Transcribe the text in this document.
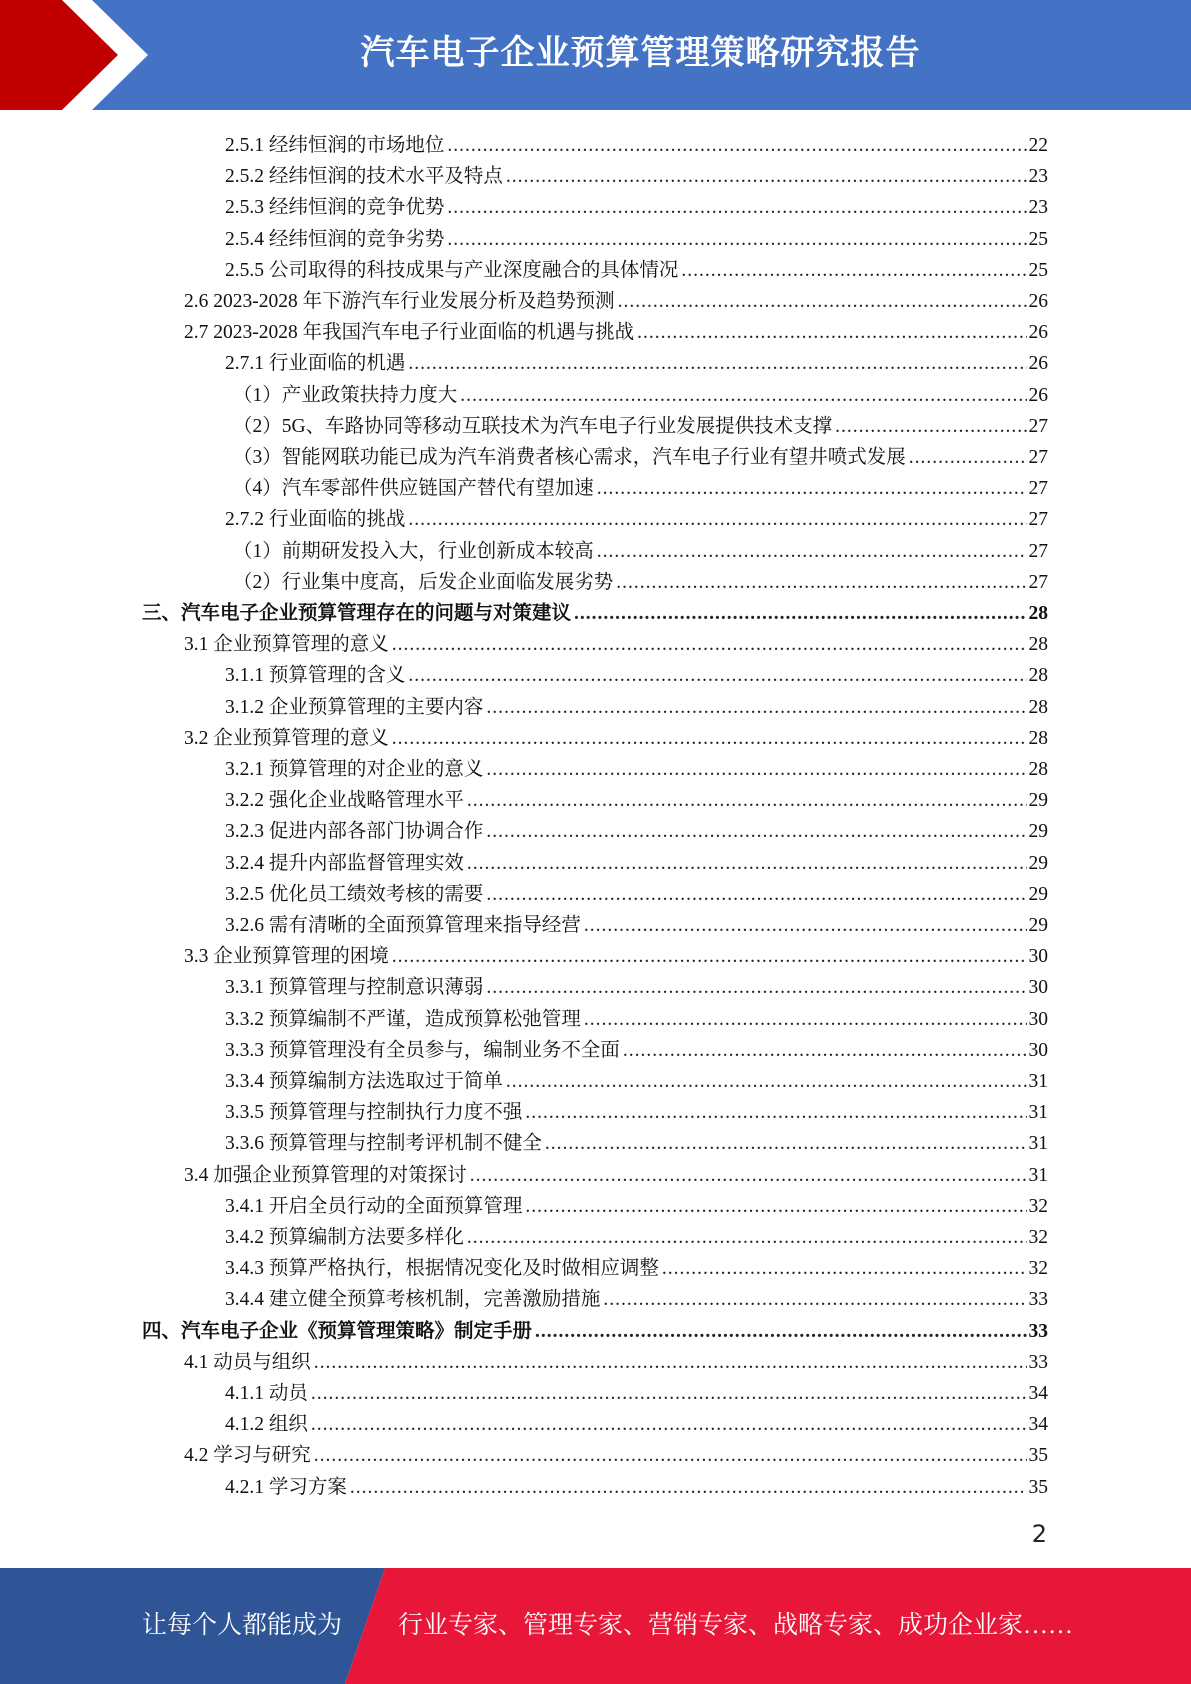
汽车电子企业预算管理策略研究报告
2.5.1 经纬恒润的市场地位 .....	22
2.5.2 经纬恒润的技术水平及特点 .....	23
2.5.3 经纬恒润的竞争优势 .....	23
2.5.4 经纬恒润的竞争劣势 .....	25
2.5.5 公司取得的科技成果与产业深度融合的具体情况 .....	25
2.6 2023-2028 年下游汽车行业发展分析及趋势预测 .....	26
2.7 2023-2028 年我国汽车电子行业面临的机遇与挑战 .....	26
2.7.1 行业面临的机遇 .....	26
（1）产业政策扶持力度大 .....	26
（2）5G、车路协同等移动互联技术为汽车电子行业发展提供技术支撑 .....	27
（3）智能网联功能已成为汽车消费者核心需求，汽车电子行业有望井喷式发展 .....	27
（4）汽车零部件供应链国产替代有望加速 .....	27
2.7.2 行业面临的挑战 .....	27
（1）前期研发投入大，行业创新成本较高 .....	27
（2）行业集中度高，后发企业面临发展劣势 .....	27
三、汽车电子企业预算管理存在的问题与对策建议 .....	28
3.1 企业预算管理的意义 .....	28
3.1.1 预算管理的含义 .....	28
3.1.2 企业预算管理的主要内容 .....	28
3.2 企业预算管理的意义 .....	28
3.2.1 预算管理的对企业的意义 .....	28
3.2.2 强化企业战略管理水平 .....	29
3.2.3 促进内部各部门协调合作 .....	29
3.2.4 提升内部监督管理实效 .....	29
3.2.5 优化员工绩效考核的需要 .....	29
3.2.6 需有清晰的全面预算管理来指导经营 .....	29
3.3 企业预算管理的困境 .....	30
3.3.1 预算管理与控制意识薄弱 .....	30
3.3.2 预算编制不严谨，造成预算松弛管理 .....	30
3.3.3 预算管理没有全员参与，编制业务不全面 .....	30
3.3.4 预算编制方法选取过于简单 .....	31
3.3.5 预算管理与控制执行力度不强 .....	31
3.3.6 预算管理与控制考评机制不健全 .....	31
3.4 加强企业预算管理的对策探讨 .....	31
3.4.1 开启全员行动的全面预算管理 .....	32
3.4.2 预算编制方法要多样化 .....	32
3.4.3 预算严格执行，根据情况变化及时做相应调整 .....	32
3.4.4 建立健全预算考核机制，完善激励措施 .....	33
四、汽车电子企业《预算管理策略》制定手册 .....	33
4.1 动员与组织 .....	33
4.1.1 动员 .....	34
4.1.2 组织 .....	34
4.2 学习与研究 .....	35
4.2.1 学习方案 .....	35
2
让每个人都能成为 行业专家、管理专家、营销专家、战略专家、成功企业家……
